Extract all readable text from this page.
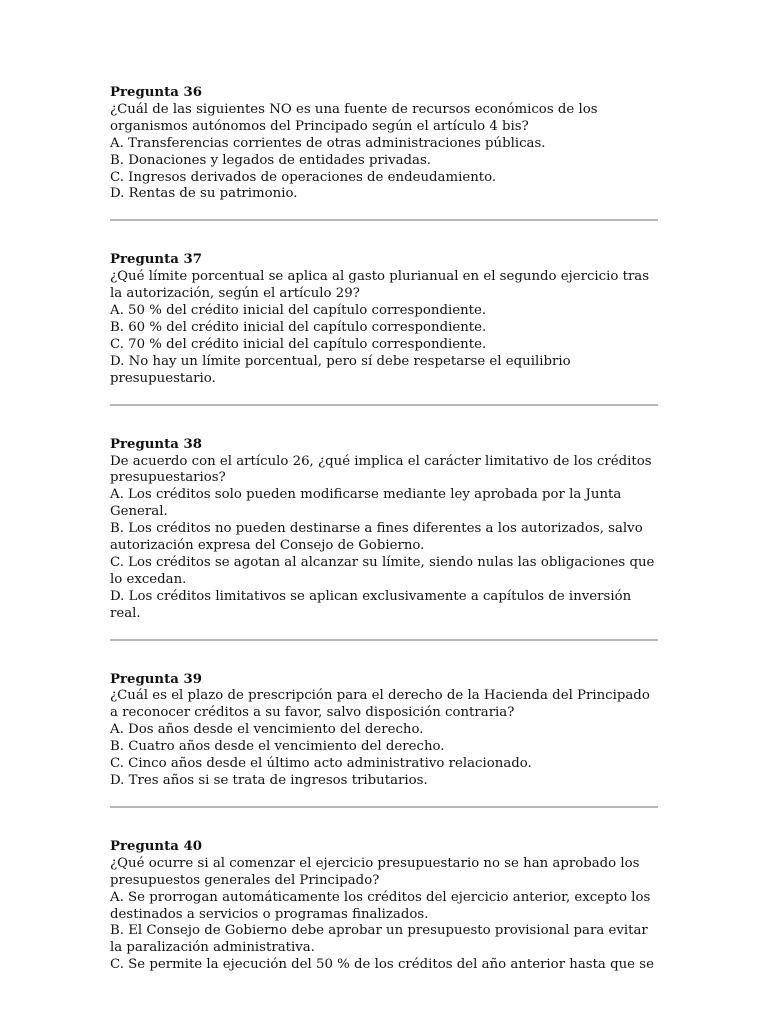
Pregunta 36
¿Cuál de las siguientes NO es una fuente de recursos económicos de los organismos autónomos del Principado según el artículo 4 bis?
A. Transferencias corrientes de otras administraciones públicas.
B. Donaciones y legados de entidades privadas.
C. Ingresos derivados de operaciones de endeudamiento.
D. Rentas de su patrimonio.
Pregunta 37
¿Qué límite porcentual se aplica al gasto plurianual en el segundo ejercicio tras la autorización, según el artículo 29?
A. 50 % del crédito inicial del capítulo correspondiente.
B. 60 % del crédito inicial del capítulo correspondiente.
C. 70 % del crédito inicial del capítulo correspondiente.
D. No hay un límite porcentual, pero sí debe respetarse el equilibrio presupuestario.
Pregunta 38
De acuerdo con el artículo 26, ¿qué implica el carácter limitativo de los créditos presupuestarios?
A. Los créditos solo pueden modificarse mediante ley aprobada por la Junta General.
B. Los créditos no pueden destinarse a fines diferentes a los autorizados, salvo autorización expresa del Consejo de Gobierno.
C. Los créditos se agotan al alcanzar su límite, siendo nulas las obligaciones que lo excedan.
D. Los créditos limitativos se aplican exclusivamente a capítulos de inversión real.
Pregunta 39
¿Cuál es el plazo de prescripción para el derecho de la Hacienda del Principado a reconocer créditos a su favor, salvo disposición contraria?
A. Dos años desde el vencimiento del derecho.
B. Cuatro años desde el vencimiento del derecho.
C. Cinco años desde el último acto administrativo relacionado.
D. Tres años si se trata de ingresos tributarios.
Pregunta 40
¿Qué ocurre si al comenzar el ejercicio presupuestario no se han aprobado los presupuestos generales del Principado?
A. Se prorrogan automáticamente los créditos del ejercicio anterior, excepto los destinados a servicios o programas finalizados.
B. El Consejo de Gobierno debe aprobar un presupuesto provisional para evitar la paralización administrativa.
C. Se permite la ejecución del 50 % de los créditos del año anterior hasta que se
